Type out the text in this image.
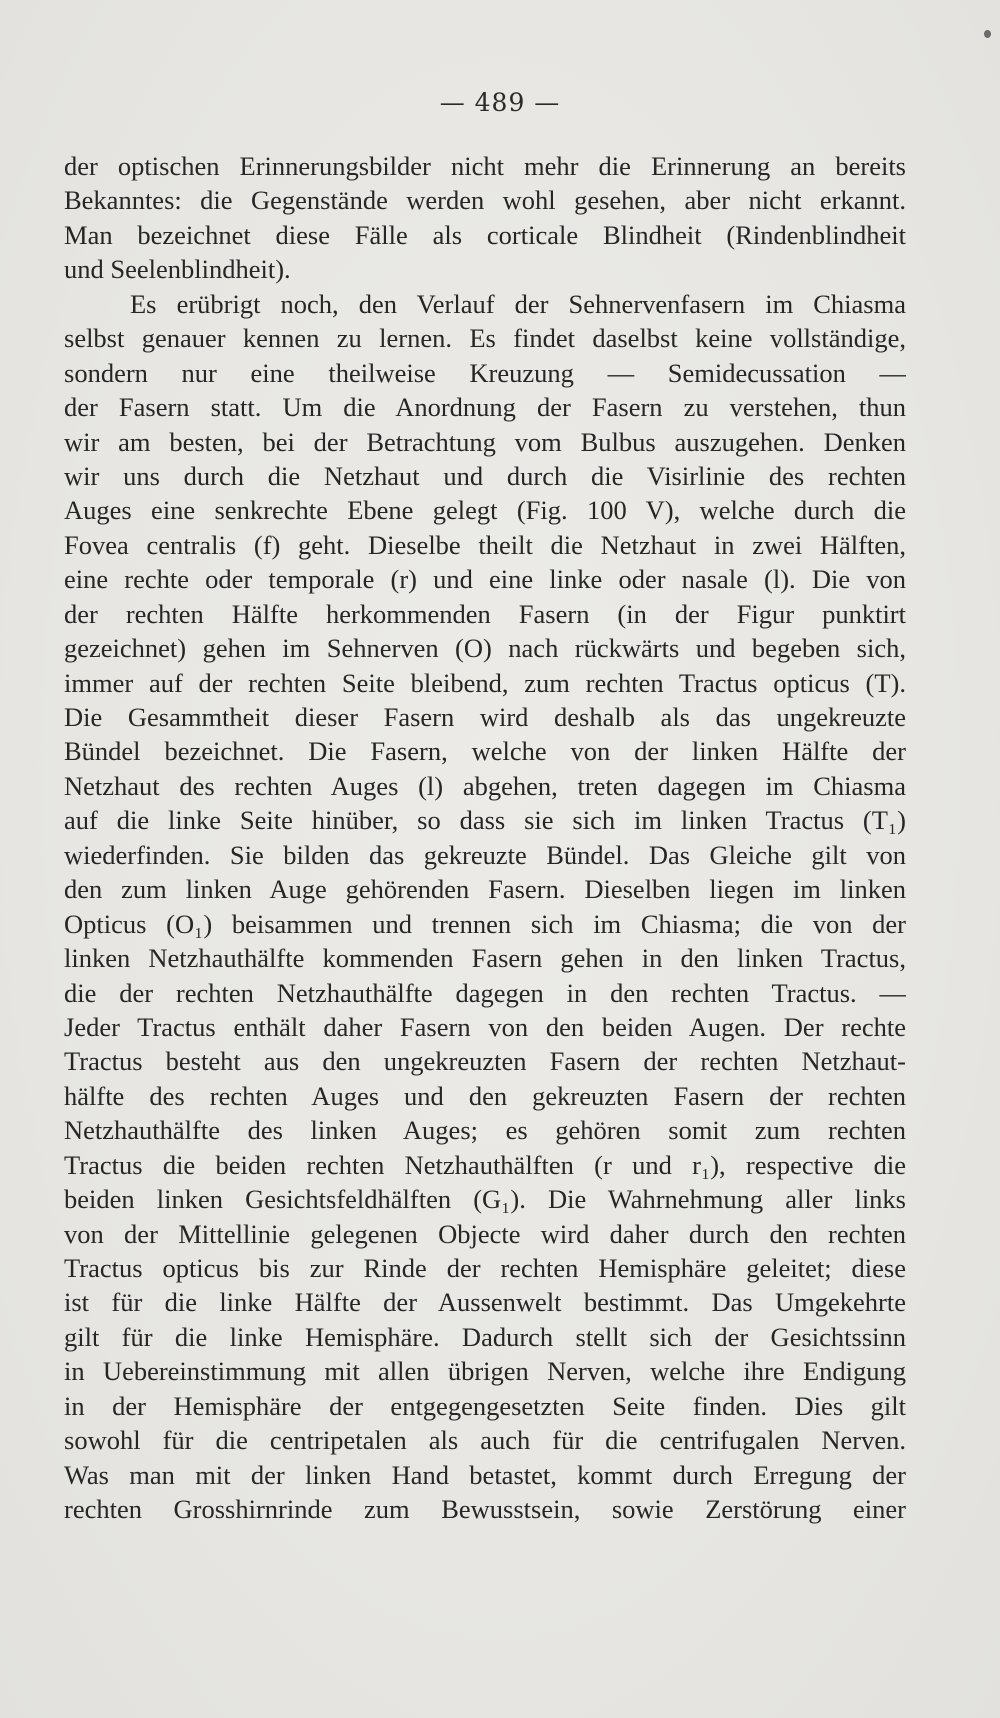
— 489 —
der optischen Erinnerungsbilder nicht mehr die Erinnerung an bereits
Bekanntes: die Gegenstände werden wohl gesehen, aber nicht erkannt.
Man bezeichnet diese Fälle als corticale Blindheit (Rindenblindheit
und Seelenblindheit).
Es erübrigt noch, den Verlauf der Sehnervenfasern im Chiasma
selbst genauer kennen zu lernen. Es findet daselbst keine vollständige,
sondern nur eine theilweise Kreuzung — Semidecussation —
der Fasern statt. Um die Anordnung der Fasern zu verstehen, thun
wir am besten, bei der Betrachtung vom Bulbus auszugehen. Denken
wir uns durch die Netzhaut und durch die Visirlinie des rechten
Auges eine senkrechte Ebene gelegt (Fig. 100 V), welche durch die
Fovea centralis (f) geht. Dieselbe theilt die Netzhaut in zwei Hälften,
eine rechte oder temporale (r) und eine linke oder nasale (l). Die von
der rechten Hälfte herkommenden Fasern (in der Figur punktirt
gezeichnet) gehen im Sehnerven (O) nach rückwärts und begeben sich,
immer auf der rechten Seite bleibend, zum rechten Tractus opticus (T).
Die Gesammtheit dieser Fasern wird deshalb als das ungekreuzte
Bündel bezeichnet. Die Fasern, welche von der linken Hälfte der
Netzhaut des rechten Auges (l) abgehen, treten dagegen im Chiasma
auf die linke Seite hinüber, so dass sie sich im linken Tractus (T₁)
wiederfinden. Sie bilden das gekreuzte Bündel. Das Gleiche gilt von
den zum linken Auge gehörenden Fasern. Dieselben liegen im linken
Opticus (O₁) beisammen und trennen sich im Chiasma; die von der
linken Netzhauthälfte kommenden Fasern gehen in den linken Tractus,
die der rechten Netzhauthälfte dagegen in den rechten Tractus. —
Jeder Tractus enthält daher Fasern von den beiden Augen. Der rechte
Tractus besteht aus den ungekreuzten Fasern der rechten Netzhaut-
hälfte des rechten Auges und den gekreuzten Fasern der rechten
Netzhauthälfte des linken Auges; es gehören somit zum rechten
Tractus die beiden rechten Netzhauthälften (r und r₁), respective die
beiden linken Gesichtsfeldhälften (G₁). Die Wahrnehmung aller links
von der Mittellinie gelegenen Objecte wird daher durch den rechten
Tractus opticus bis zur Rinde der rechten Hemisphäre geleitet; diese
ist für die linke Hälfte der Aussenwelt bestimmt. Das Umgekehrte
gilt für die linke Hemisphäre. Dadurch stellt sich der Gesichtssinn
in Uebereinstimmung mit allen übrigen Nerven, welche ihre Endigung
in der Hemisphäre der entgegengesetzten Seite finden. Dies gilt
sowohl für die centripetalen als auch für die centrifugalen Nerven.
Was man mit der linken Hand betastet, kommt durch Erregung der
rechten Grosshirnrinde zum Bewusstsein, sowie Zerstörung einer
